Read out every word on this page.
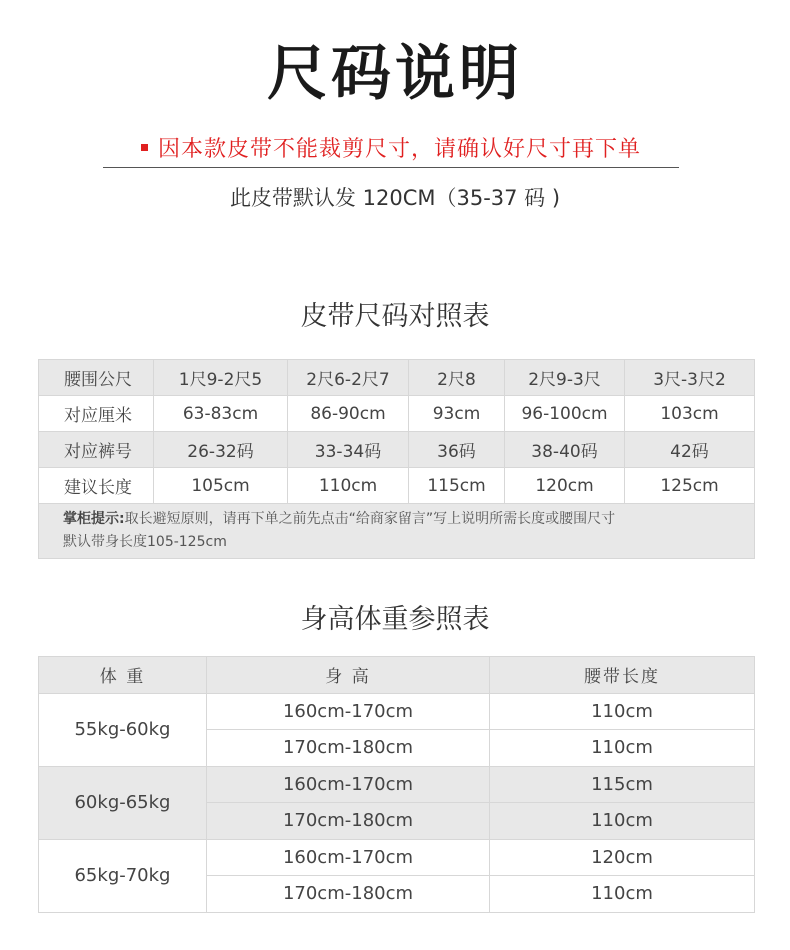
尺码说明
因本款皮带不能裁剪尺寸，请确认好尺寸再下单
此皮带默认发 120CM（35-37 码 )
皮带尺码对照表
腰围公尺	1尺9-2尺5	2尺6-2尺7	2尺8	2尺9-3尺	3尺-3尺2
对应厘米	63-83cm	86-90cm	93cm	96-100cm	103cm
对应裤号	26-32码	33-34码	36码	38-40码	42码
建议长度	105cm	110cm	115cm	120cm	125cm
掌柜提示:取长避短原则，请再下单之前先点击“给商家留言”写上说明所需长度或腰围尺寸
默认带身长度105-125cm					
身高体重参照表
体 重	身 高	腰带长度
55kg-60kg	160cm-170cm	110cm
	170cm-180cm	110cm
60kg-65kg	160cm-170cm	115cm
	170cm-180cm	110cm
65kg-70kg	160cm-170cm	120cm
	170cm-180cm	110cm
